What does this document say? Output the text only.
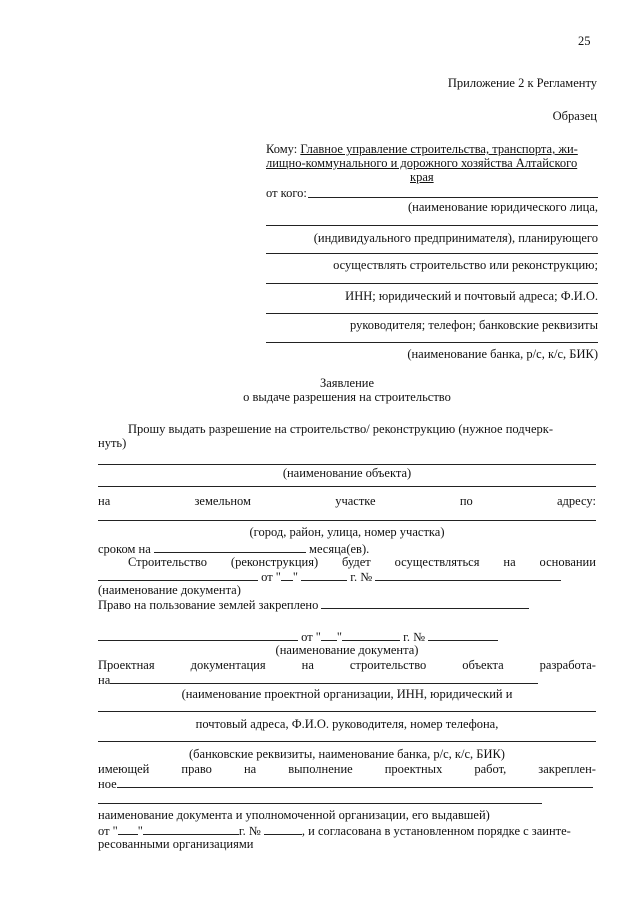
25
Приложение 2 к Регламенту
Образец
Кому: Главное управление строительства, транспорта, жи-
лищно-коммунального и дорожного хозяйства Алтайского
края
от кого:
(наименование юридического лица,
(индивидуального предпринимателя), планирующего
осуществлять строительство или реконструкцию;
ИНН; юридический и почтовый адреса; Ф.И.О.
руководителя; телефон; банковские реквизиты
(наименование банка, р/с, к/с, БИК)
Заявление
о выдаче разрешения на строительство
Прошу выдать разрешение на строительство/ реконструкцию (нужное подчерк-
нуть)
(наименование объекта)
на	земельном	участке	по	адресу:
(город, район, улица, номер участка)
сроком на	месяца(ев).
Строительство (реконструкция) будет осуществляться на основании
от " "	г. №
(наименование документа)
Право на пользование землей закреплено
от " "	г. №
(наименование документа)
Проектная	документация	на	строительство	объекта	разработа-
на
(наименование проектной организации, ИНН, юридический и
почтовый адреса, Ф.И.О. руководителя, номер телефона,
(банковские реквизиты, наименование банка, р/с, к/с, БИК)
имеющей	право	на	выполнение	проектных	работ,	закреплен-
ное
наименование документа и уполномоченной организации, его выдавшей)
от " "	г. №	, и согласована в установленном порядке с заинте-
ресованными организациями
